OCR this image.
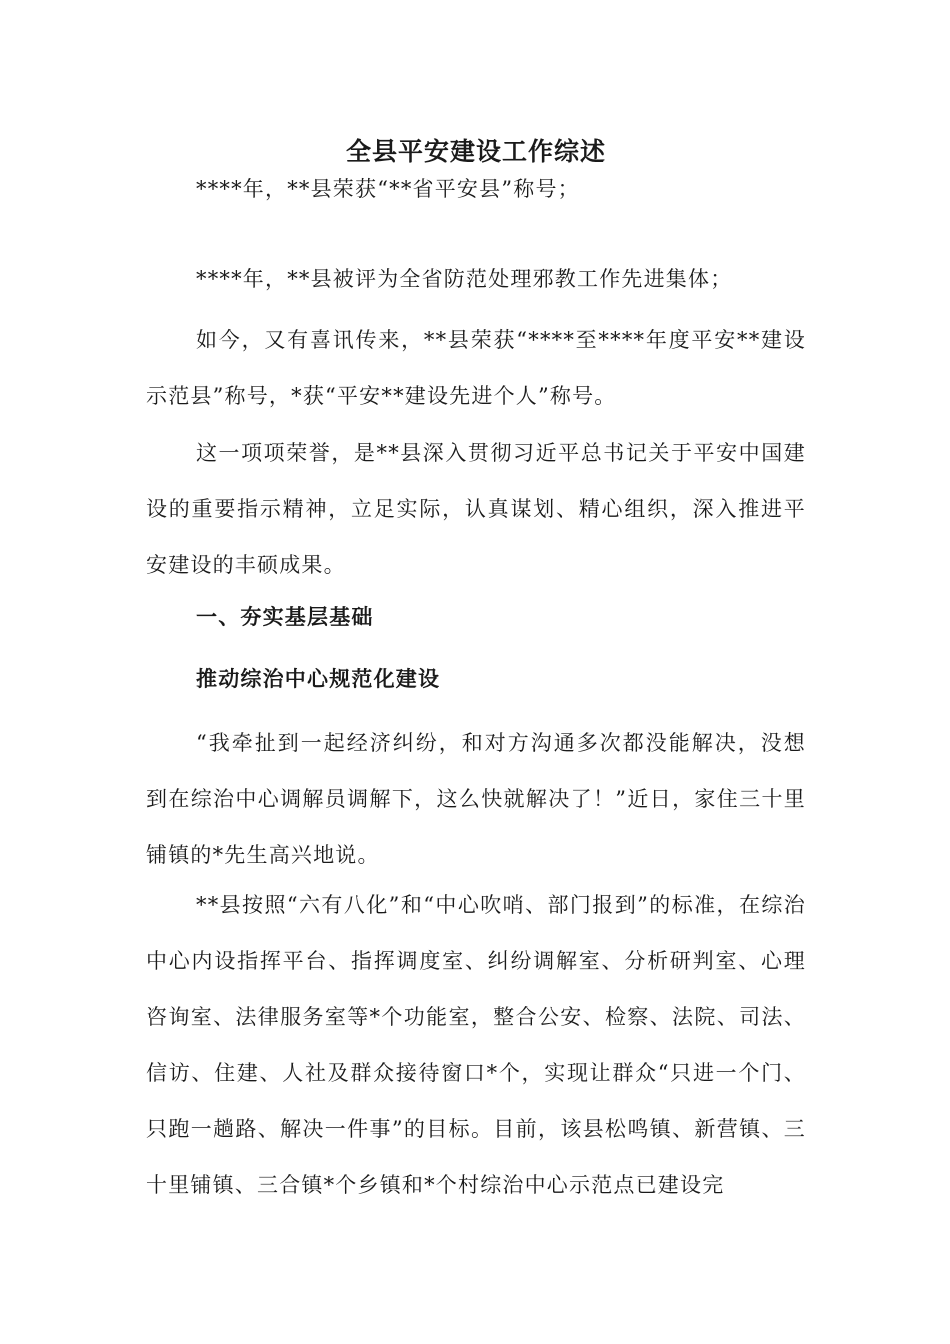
全县平安建设工作综述
****年，**县荣获“**省平安县”称号；
****年，**县被评为全省防范处理邪教工作先进集体；
如今，又有喜讯传来，**县荣获“****至****年度平安**建设示范县”称号，*获“平安**建设先进个人”称号。
这一项项荣誉，是**县深入贯彻习近平总书记关于平安中国建设的重要指示精神，立足实际，认真谋划、精心组织，深入推进平安建设的丰硕成果。
一、夯实基层基础
推动综治中心规范化建设
“我牵扯到一起经济纠纷，和对方沟通多次都没能解决，没想到在综治中心调解员调解下，这么快就解决了！”近日，家住三十里铺镇的*先生高兴地说。
**县按照“六有八化”和“中心吹哨、部门报到”的标准，在综治中心内设指挥平台、指挥调度室、纠纷调解室、分析研判室、心理咨询室、法律服务室等*个功能室，整合公安、检察、法院、司法、信访、住建、人社及群众接待窗口*个，实现让群众“只进一个门、只跑一趟路、解决一件事”的目标。目前，该县松鸣镇、新营镇、三十里铺镇、三合镇*个乡镇和*个村综治中心示范点已建设完
